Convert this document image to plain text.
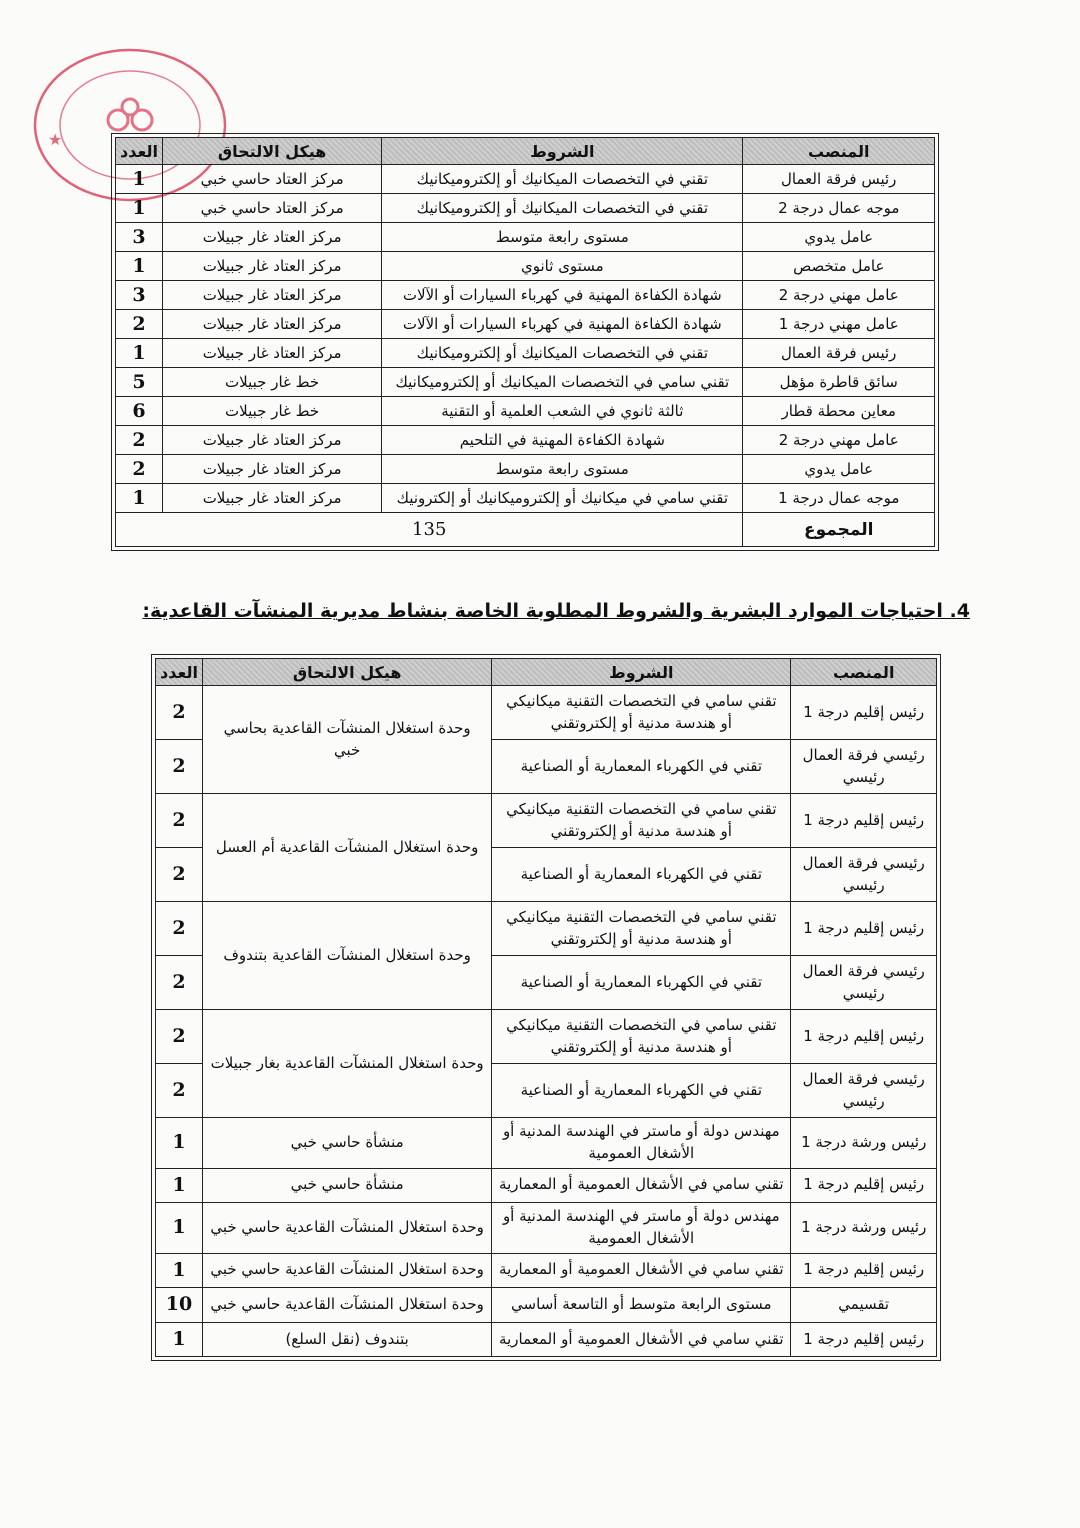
★
المنصب	الشروط	هيكل الالتحاق	العدد
رئيس فرقة العمال	تقني في التخصصات الميكانيك أو إلكتروميكانيك	مركز العتاد حاسي خبي	1
موجه عمال درجة 2	تقني في التخصصات الميكانيك أو إلكتروميكانيك	مركز العتاد حاسي خبي	1
عامل يدوي	مستوى رابعة متوسط	مركز العتاد غار جبيلات	3
عامل متخصص	مستوى ثانوي	مركز العتاد غار جبيلات	1
عامل مهني درجة 2	شهادة الكفاءة المهنية في كهرباء السيارات أو الآلات	مركز العتاد غار جبيلات	3
عامل مهني درجة 1	شهادة الكفاءة المهنية في كهرباء السيارات أو الآلات	مركز العتاد غار جبيلات	2
رئيس فرقة العمال	تقني في التخصصات الميكانيك أو إلكتروميكانيك	مركز العتاد غار جبيلات	1
سائق قاطرة مؤهل	تقني سامي في التخصصات الميكانيك أو إلكتروميكانيك	خط غار جبيلات	5
معاين محطة قطار	ثالثة ثانوي في الشعب العلمية أو التقنية	خط غار جبيلات	6
عامل مهني درجة 2	شهادة الكفاءة المهنية في التلحيم	مركز العتاد غار جبيلات	2
عامل يدوي	مستوى رابعة متوسط	مركز العتاد غار جبيلات	2
موجه عمال درجة 1	تقني سامي في ميكانيك أو إلكتروميكانيك أو إلكترونيك	مركز العتاد غار جبيلات	1
المجموع	135		
4. احتياجات الموارد البشرية والشروط المطلوبة الخاصة بنشاط مديرية المنشآت القاعدية:
المنصب	الشروط	هيكل الالتحاق	العدد
رئيس إقليم درجة 1	تقني سامي في التخصصات التقنية ميكانيكي أو هندسة مدنية أو إلكتروتقني	وحدة استغلال المنشآت القاعدية بحاسي خبي	2
رئيسي فرقة العمال رئيسي	تقني في الكهرباء المعمارية أو الصناعية		2
رئيس إقليم درجة 1	تقني سامي في التخصصات التقنية ميكانيكي أو هندسة مدنية أو إلكتروتقني	وحدة استغلال المنشآت القاعدية أم العسل	2
رئيسي فرقة العمال رئيسي	تقني في الكهرباء المعمارية أو الصناعية		2
رئيس إقليم درجة 1	تقني سامي في التخصصات التقنية ميكانيكي أو هندسة مدنية أو إلكتروتقني	وحدة استغلال المنشآت القاعدية بتندوف	2
رئيسي فرقة العمال رئيسي	تقني في الكهرباء المعمارية أو الصناعية		2
رئيس إقليم درجة 1	تقني سامي في التخصصات التقنية ميكانيكي أو هندسة مدنية أو إلكتروتقني	وحدة استغلال المنشآت القاعدية بغار جبيلات	2
رئيسي فرقة العمال رئيسي	تقني في الكهرباء المعمارية أو الصناعية		2
رئيس ورشة درجة 1	مهندس دولة أو ماستر في الهندسة المدنية أو الأشغال العمومية	منشأة حاسي خبي	1
رئيس إقليم درجة 1	تقني سامي في الأشغال العمومية أو المعمارية	منشأة حاسي خبي	1
رئيس ورشة درجة 1	مهندس دولة أو ماستر في الهندسة المدنية أو الأشغال العمومية	وحدة استغلال المنشآت القاعدية حاسي خبي	1
رئيس إقليم درجة 1	تقني سامي في الأشغال العمومية أو المعمارية	وحدة استغلال المنشآت القاعدية حاسي خبي	1
تقسيمي	مستوى الرابعة متوسط أو التاسعة أساسي	وحدة استغلال المنشآت القاعدية حاسي خبي	10
رئيس إقليم درجة 1	تقني سامي في الأشغال العمومية أو المعمارية	بتندوف (نقل السلع)	1
